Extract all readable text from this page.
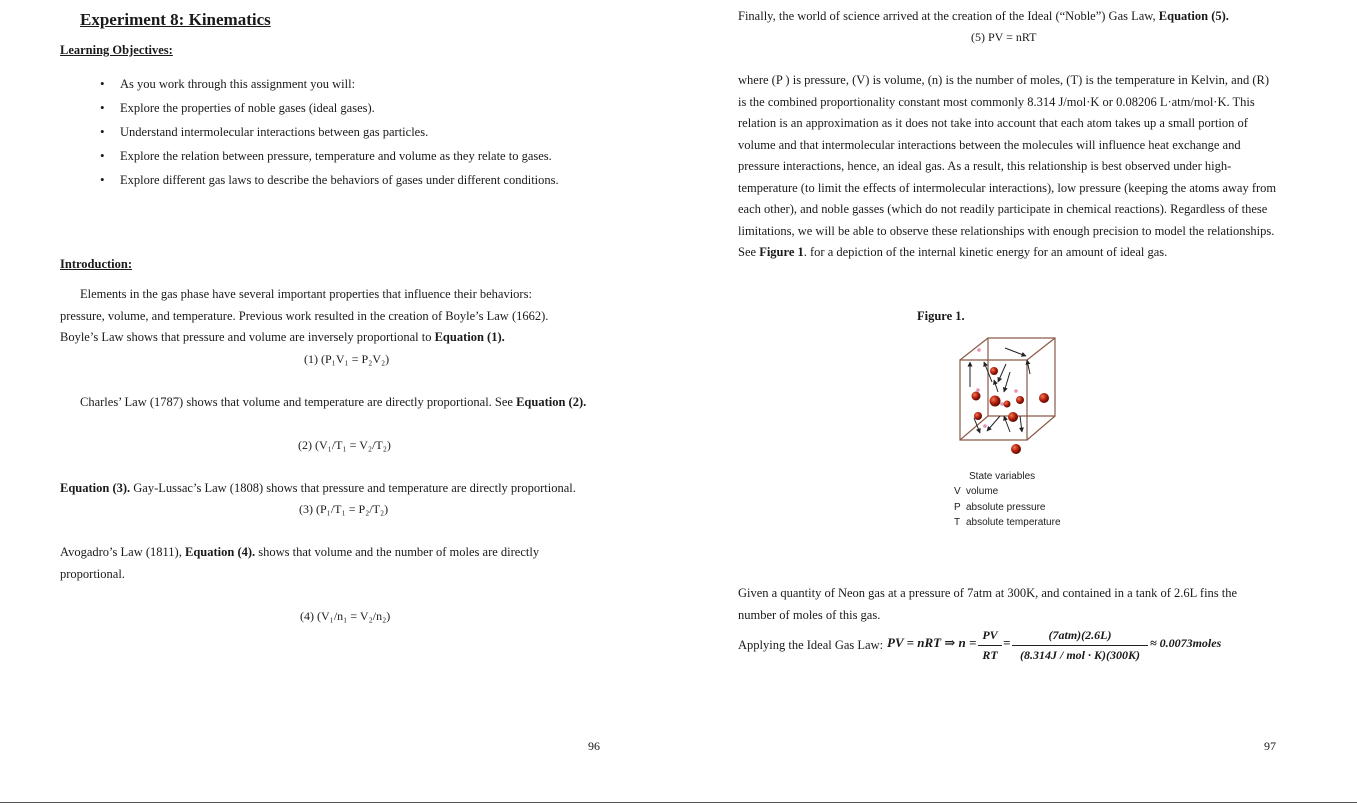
Experiment 8: Kinematics
Learning Objectives:
• As you work through this assignment you will:
• Explore the properties of noble gases (ideal gases).
• Understand intermolecular interactions between gas particles.
• Explore the relation between pressure, temperature and volume as they relate to gases.
• Explore different gas laws to describe the behaviors of gases under different conditions.
Introduction:
Elements in the gas phase have several important properties that influence their behaviors: pressure, volume, and temperature. Previous work resulted in the creation of Boyle’s Law (1662). Boyle’s Law shows that pressure and volume are inversely proportional to Equation (1).
(1) (P₁V₁ = P₂V₂)
Charles’ Law (1787) shows that volume and temperature are directly proportional. See Equation (2).
(2) (V₁/T₁ = V₂/T₂)
Equation (3). Gay-Lussac’s Law (1808) shows that pressure and temperature are directly proportional.
(3) (P₁/T₁ = P₂/T₂)
Avogadro’s Law (1811), Equation (4). shows that volume and the number of moles are directly proportional.
(4) (V₁/n₁ = V₂/n₂)
96
Finally, the world of science arrived at the creation of the Ideal (“Noble”) Gas Law, Equation (5).
(5) PV = nRT
where (P ) is pressure, (V) is volume, (n) is the number of moles, (T) is the temperature in Kelvin, and (R) is the combined proportionality constant most commonly 8.314 J/mol·K or 0.08206 L·atm/mol·K. This relation is an approximation as it does not take into account that each atom takes up a small portion of volume and that intermolecular interactions between the molecules will influence heat exchange and pressure interactions, hence, an ideal gas. As a result, this relationship is best observed under high-temperature (to limit the effects of intermolecular interactions), low pressure (keeping the atoms away from each other), and noble gasses (which do not readily participate in chemical reactions). Regardless of these limitations, we will be able to observe these relationships with enough precision to model the relationships. See Figure 1. for a depiction of the internal kinetic energy for an amount of ideal gas.
Figure 1.
State variables
V volume
P absolute pressure
T absolute temperature
Given a quantity of Neon gas at a pressure of 7atm at 300K, and contained in a tank of 2.6L fins the number of moles of this gas.
Applying the Ideal Gas Law: PV = nRT ⇒ n = PV
RT
=	(7atm)(2.6L)
(8.314J / mol · K)(300K)
≈ 0.0073moles
97
